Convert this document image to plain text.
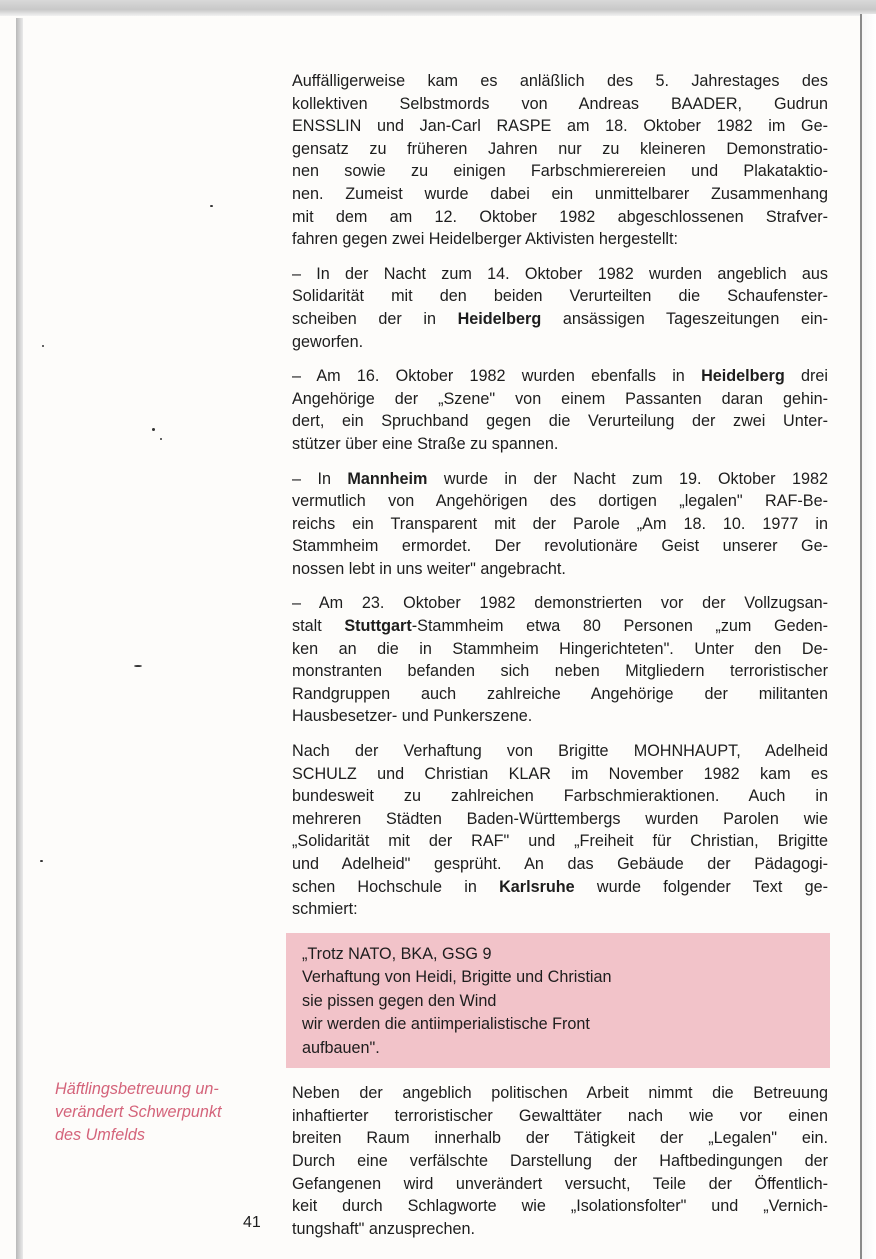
Auffälligerweise kam es anläßlich des 5. Jahrestages des
kollektiven Selbstmords von Andreas BAADER, Gudrun
ENSSLIN und Jan-Carl RASPE am 18. Oktober 1982 im Ge-
gensatz zu früheren Jahren nur zu kleineren Demonstratio-
nen sowie zu einigen Farbschmierereien und Plakataktio-
nen. Zumeist wurde dabei ein unmittelbarer Zusammenhang
mit dem am 12. Oktober 1982 abgeschlossenen Strafver-
fahren gegen zwei Heidelberger Aktivisten hergestellt:
– In der Nacht zum 14. Oktober 1982 wurden angeblich aus
Solidarität mit den beiden Verurteilten die Schaufenster-
scheiben der in Heidelberg ansässigen Tageszeitungen ein-
geworfen.
– Am 16. Oktober 1982 wurden ebenfalls in Heidelberg drei
Angehörige der „Szene" von einem Passanten daran gehin-
dert, ein Spruchband gegen die Verurteilung der zwei Unter-
stützer über eine Straße zu spannen.
– In Mannheim wurde in der Nacht zum 19. Oktober 1982
vermutlich von Angehörigen des dortigen „legalen" RAF-Be-
reichs ein Transparent mit der Parole „Am 18. 10. 1977 in
Stammheim ermordet. Der revolutionäre Geist unserer Ge-
nossen lebt in uns weiter" angebracht.
– Am 23. Oktober 1982 demonstrierten vor der Vollzugsan-
stalt Stuttgart-Stammheim etwa 80 Personen „zum Geden-
ken an die in Stammheim Hingerichteten". Unter den De-
monstranten befanden sich neben Mitgliedern terroristischer
Randgruppen auch zahlreiche Angehörige der militanten
Hausbesetzer- und Punkerszene.
Nach der Verhaftung von Brigitte MOHNHAUPT, Adelheid
SCHULZ und Christian KLAR im November 1982 kam es
bundesweit zu zahlreichen Farbschmieraktionen. Auch in
mehreren Städten Baden-Württembergs wurden Parolen wie
„Solidarität mit der RAF" und „Freiheit für Christian, Brigitte
und Adelheid" gesprüht. An das Gebäude der Pädagogi-
schen Hochschule in Karlsruhe wurde folgender Text ge-
schmiert:
„Trotz NATO, BKA, GSG 9
Verhaftung von Heidi, Brigitte und Christian
sie pissen gegen den Wind
wir werden die antiimperialistische Front
aufbauen".
Neben der angeblich politischen Arbeit nimmt die Betreuung
inhaftierter terroristischer Gewalttäter nach wie vor einen
breiten Raum innerhalb der Tätigkeit der „Legalen" ein.
Durch eine verfälschte Darstellung der Haftbedingungen der
Gefangenen wird unverändert versucht, Teile der Öffentlich-
keit durch Schlagworte wie „Isolationsfolter" und „Vernich-
tungshaft" anzusprechen.
Häftlingsbetreuung un-
verändert Schwerpunkt
des Umfelds
41
